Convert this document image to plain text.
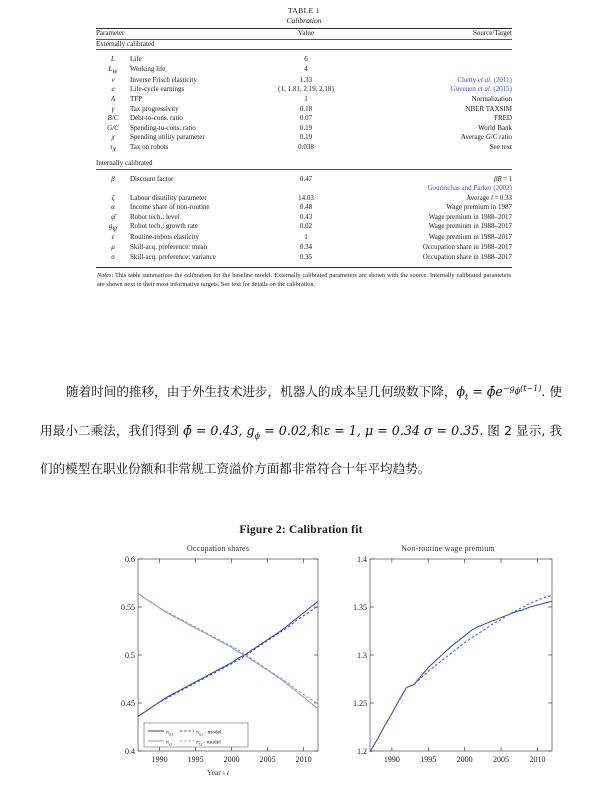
TABLE 1
Calibration
Parameter	Value	Source/Target
Externally calibrated		

L Life	6	
$L_w$ Working life	4	
v Inverse Frisch elasticity	1.33	Chetty et al. (2011)
e Life-cycle earnings	{1, 1.81, 2.19, 2.18}	Guvenen et al. (2015)
A TFP	1	Normalization
γ Tax progressivity	0.18	NBER TAXSIM
B/C Debt-to-cons. ratio	0.07	FRED
G/C Spending-to-cons. ratio	0.19	World Bank
χ Spending utility parameter	0.19	Average G/C ratio
$\tau_x$ Tax on robots	0.038	See text

Internally calibrated		

β Discount factor	0.47	βR = 1
		Gourinchas and Parker (2002)
ζ Labour disutility parameter	14.03	Average l = 0.33
α Income share of non-routine	0.48	Wage premium in 1987
φ̄ Robot tech.: level	0.43	Wage premium in 1988–2017
$g_\varphi$ Robot tech.: growth rate	0.02	Wage premium in 1988–2017
ε Routine-robots elasticity	1	Wage premium in 1988–2017
μ Skill-acq. preference: mean	0.34	Occupation share in 1988–2017
σ Skill-acq. preference: variance	0.35	Occupation share in 1988–2017

Notes: This table summarizes the calibration for the baseline model. Externally calibrated parameters are shown with the source. Internally calibrated parameters are shown next to their most informative targets. See text for details on the calibration.
随着时间的推移，由于外生技术进步，机器人的成本呈几何级数下降，$\phi_t$ = $\phīe^{-g_\phi(t-1)}$. 使用最小二乘法，我们得到 ϕ̄ = 0.43, $g_\phi = 0.02$,和ε = 1, μ = 0.34 σ = 0.35. 图 2 显示, 我们的模型在职业份额和非常规工资溢价方面都非常符合十年平均趋势。
Figure 2: Calibration fit
Occupation shares
0.4
0.45
0.5
0.55
0.6
1990	1995 2000	2005	2010
πn,t	πn,t - model
πr,t	πr,t - model
Year - t
Non-routine wage premium
1.2
1.25
1.3
1.35
1.4
1990	1995	2000	2005	2010
